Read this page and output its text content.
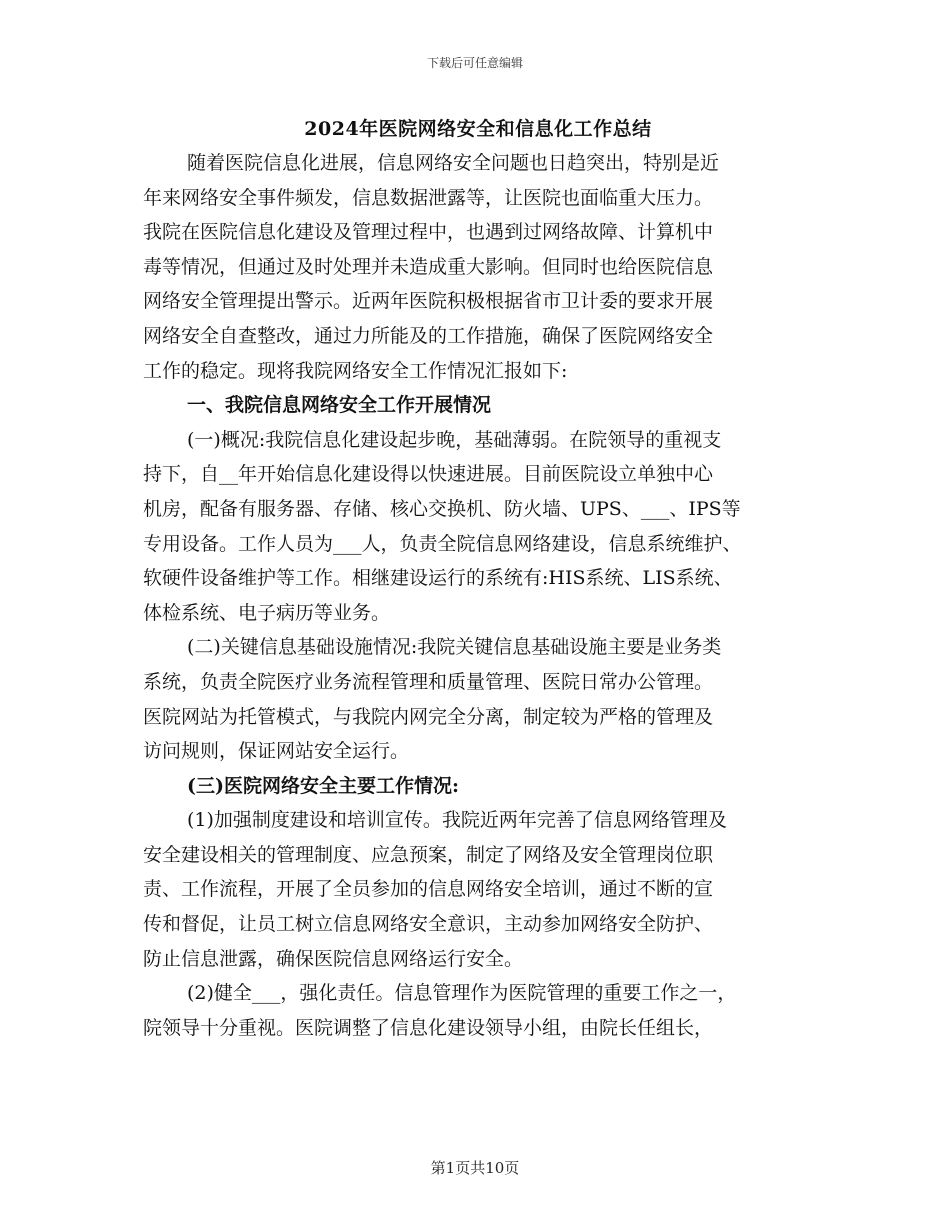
下载后可任意编辑
2024年医院网络安全和信息化工作总结
随着医院信息化进展，信息网络安全问题也日趋突出，特别是近
年来网络安全事件频发，信息数据泄露等，让医院也面临重大压力。
我院在医院信息化建设及管理过程中，也遇到过网络故障、计算机中
毒等情况，但通过及时处理并未造成重大影响。但同时也给医院信息
网络安全管理提出警示。近两年医院积极根据省市卫计委的要求开展
网络安全自查整改，通过力所能及的工作措施，确保了医院网络安全
工作的稳定。现将我院网络安全工作情况汇报如下:
一、我院信息网络安全工作开展情况
(一)概况:我院信息化建设起步晚，基础薄弱。在院领导的重视支
持下，自__年开始信息化建设得以快速进展。目前医院设立单独中心
机房，配备有服务器、存储、核心交换机、防火墙、UPS、___、IPS等
专用设备。工作人员为___人，负责全院信息网络建设，信息系统维护、
软硬件设备维护等工作。相继建设运行的系统有:HIS系统、LIS系统、
体检系统、电子病历等业务。
(二)关键信息基础设施情况:我院关键信息基础设施主要是业务类
系统，负责全院医疗业务流程管理和质量管理、医院日常办公管理。
医院网站为托管模式，与我院内网完全分离，制定较为严格的管理及
访问规则，保证网站安全运行。
(三)医院网络安全主要工作情况:
(1)加强制度建设和培训宣传。我院近两年完善了信息网络管理及
安全建设相关的管理制度、应急预案，制定了网络及安全管理岗位职
责、工作流程，开展了全员参加的信息网络安全培训，通过不断的宣
传和督促，让员工树立信息网络安全意识，主动参加网络安全防护、
防止信息泄露，确保医院信息网络运行安全。
(2)健全___，强化责任。信息管理作为医院管理的重要工作之一，
院领导十分重视。医院调整了信息化建设领导小组，由院长任组长，
第1页共10页
